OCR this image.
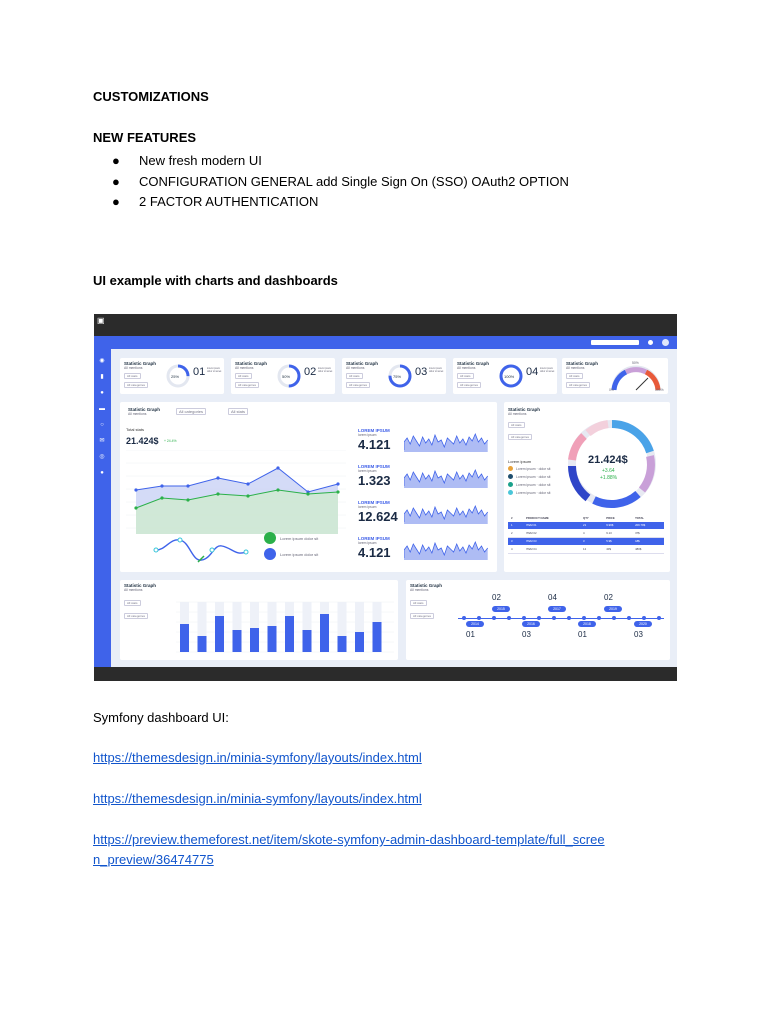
CUSTOMIZATIONS
NEW FEATURES
● New fresh modern UI
● CONFIGURATION GENERAL add Single Sign On (SSO) OAuth2 OPTION
● 2 FACTOR AUTHENTICATION
UI example with charts and dashboards
◉
▮
●
▬
○
✉
◎
●
▣
Statistic Graph
All mentions
All stats
All categories
25% 01 lorem ipsum dolor sit amet
Statistic Graph
All mentions
All stats
All categories
50% 02 lorem ipsum dolor sit amet
Statistic Graph
All mentions
All stats
All categories
75% 03 lorem ipsum dolor sit amet
Statistic Graph
All mentions
All stats
All categories
100% 04 lorem ipsum dolor sit amet
Statistic Graph
All mentions
All stats
All categories
0%
50%
100%
Statistic Graph
All mentions	All categories	All stats
Total stats
21.424$ + 24.4%
Lorem ipsum dolor sit
Lorem ipsum dolor sit
LOREM IPSUM
lorem ipsum
4.121
LOREM IPSUM
lorem ipsum
1.323
LOREM IPSUM
lorem ipsum
12.624
LOREM IPSUM
lorem ipsum
4.121
Statistic Graph
All mentions
All stats
All categories
21.424$
+3.64
+1.88%
Lorem ipsum
Lorem ipsum · dolor sit
Lorem ipsum · dolor sit
Lorem ipsum · dolor sit
Lorem ipsum · dolor sit
#	PRODUCT NAME	QTY	PRICE	TOTAL
1	ITEM 01	21	9.99$	209.79$
2	ITEM 02	4	9.13	37$
3	ITEM 03	3	5.9$	18$
4	ITEM 04	12	40$	480$
Statistic Graph
All mentions
All stats
All categories
Statistic Graph
All mentions
All stats
All categories
2014
01
2016
03
2018
01
2020
03
02
2015
04
2017
02
2019
Symfony dashboard UI:
https://themesdesign.in/minia-symfony/layouts/index.html
https://themesdesign.in/minia-symfony/layouts/index.html
https://preview.themeforest.net/item/skote-symfony-admin-dashboard-template/full_scree
n_preview/36474775
